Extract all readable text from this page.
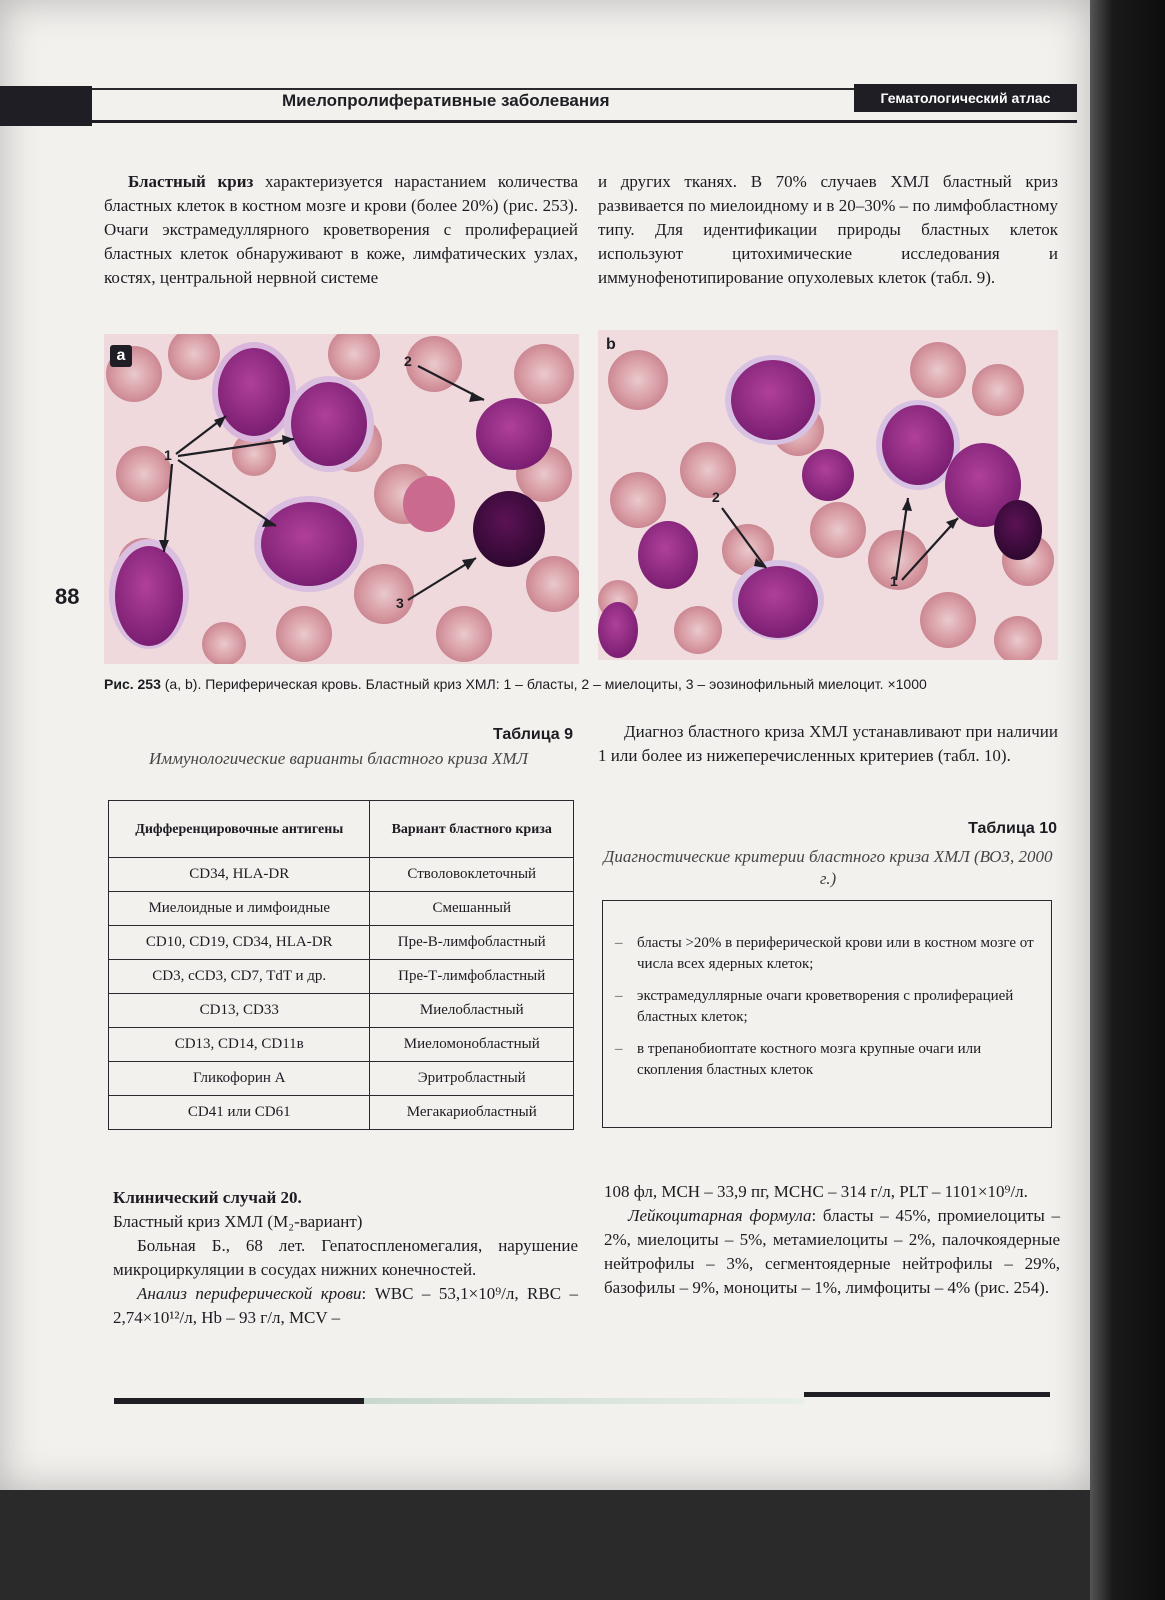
Миелопролиферативные заболевания	Гематологический атлас
Бластный криз характеризуется нарастанием количества бластных клеток в костном мозге и крови (более 20%) (рис. 253). Очаги экстрамедуллярного кроветворения с пролиферацией бластных клеток обнаруживают в коже, лимфатических узлах, костях, центральной нервной системе
и других тканях. В 70% случаев ХМЛ бластный криз развивается по миелоидному и в 20–30% – по лимфобластному типу. Для идентификации природы бластных клеток используют цитохимические исследования и иммунофенотипирование опухолевых клеток (табл. 9).
1
2
3
1
2
a
b
88
Рис. 253 (a, b). Периферическая кровь. Бластный криз ХМЛ: 1 – бласты, 2 – миелоциты, 3 – эозинофильный миелоцит. ×1000
Таблица 9
Иммунологические варианты бластного криза ХМЛ
Дифференцировочные антигены	Вариант бластного криза
CD34, HLA-DR	Стволовоклеточный
Миелоидные и лимфоидные	Смешанный
CD10, CD19, CD34, HLA-DR	Пре-В-лимфобластный
CD3, cCD3, CD7, TdT и др.	Пре-Т-лимфобластный
CD13, CD33	Миелобластный
CD13, CD14, CD11в	Миеломонобластный
Гликофорин А	Эритробластный
CD41 или CD61	Мегакариобластный
Диагноз бластного криза ХМЛ устанавливают при наличии 1 или более из нижеперечисленных критериев (табл. 10).
Таблица 10
Диагностические критерии бластного криза ХМЛ (ВОЗ, 2000 г.)
– бласты >20% в периферической крови или в костном мозге от числа всех ядерных клеток;
– экстрамедуллярные очаги кроветворения с пролиферацией бластных клеток;
– в трепанобиоптате костного мозга крупные очаги или скопления бластных клеток

Клинический случай 20.

Бластный криз ХМЛ (M₂-вариант)

Больная Б., 68 лет. Гепатоспленомегалия, нарушение микроциркуляции в сосудах нижних конечностей.

Анализ периферической крови: WBC – 53,1×10⁹/л, RBC – 2,74×10¹²/л, Hb – 93 г/л, MCV –

108 фл, MCH – 33,9 пг, MCHC – 314 г/л, PLT – 1101×10⁹/л.

Лейкоцитарная формула: бласты – 45%, промиелоциты – 2%, миелоциты – 5%, метамиелоциты – 2%, палочкоядерные нейтрофилы – 3%, сегментоядерные нейтрофилы – 29%, базофилы – 9%, моноциты – 1%, лимфоциты – 4% (рис. 254).
